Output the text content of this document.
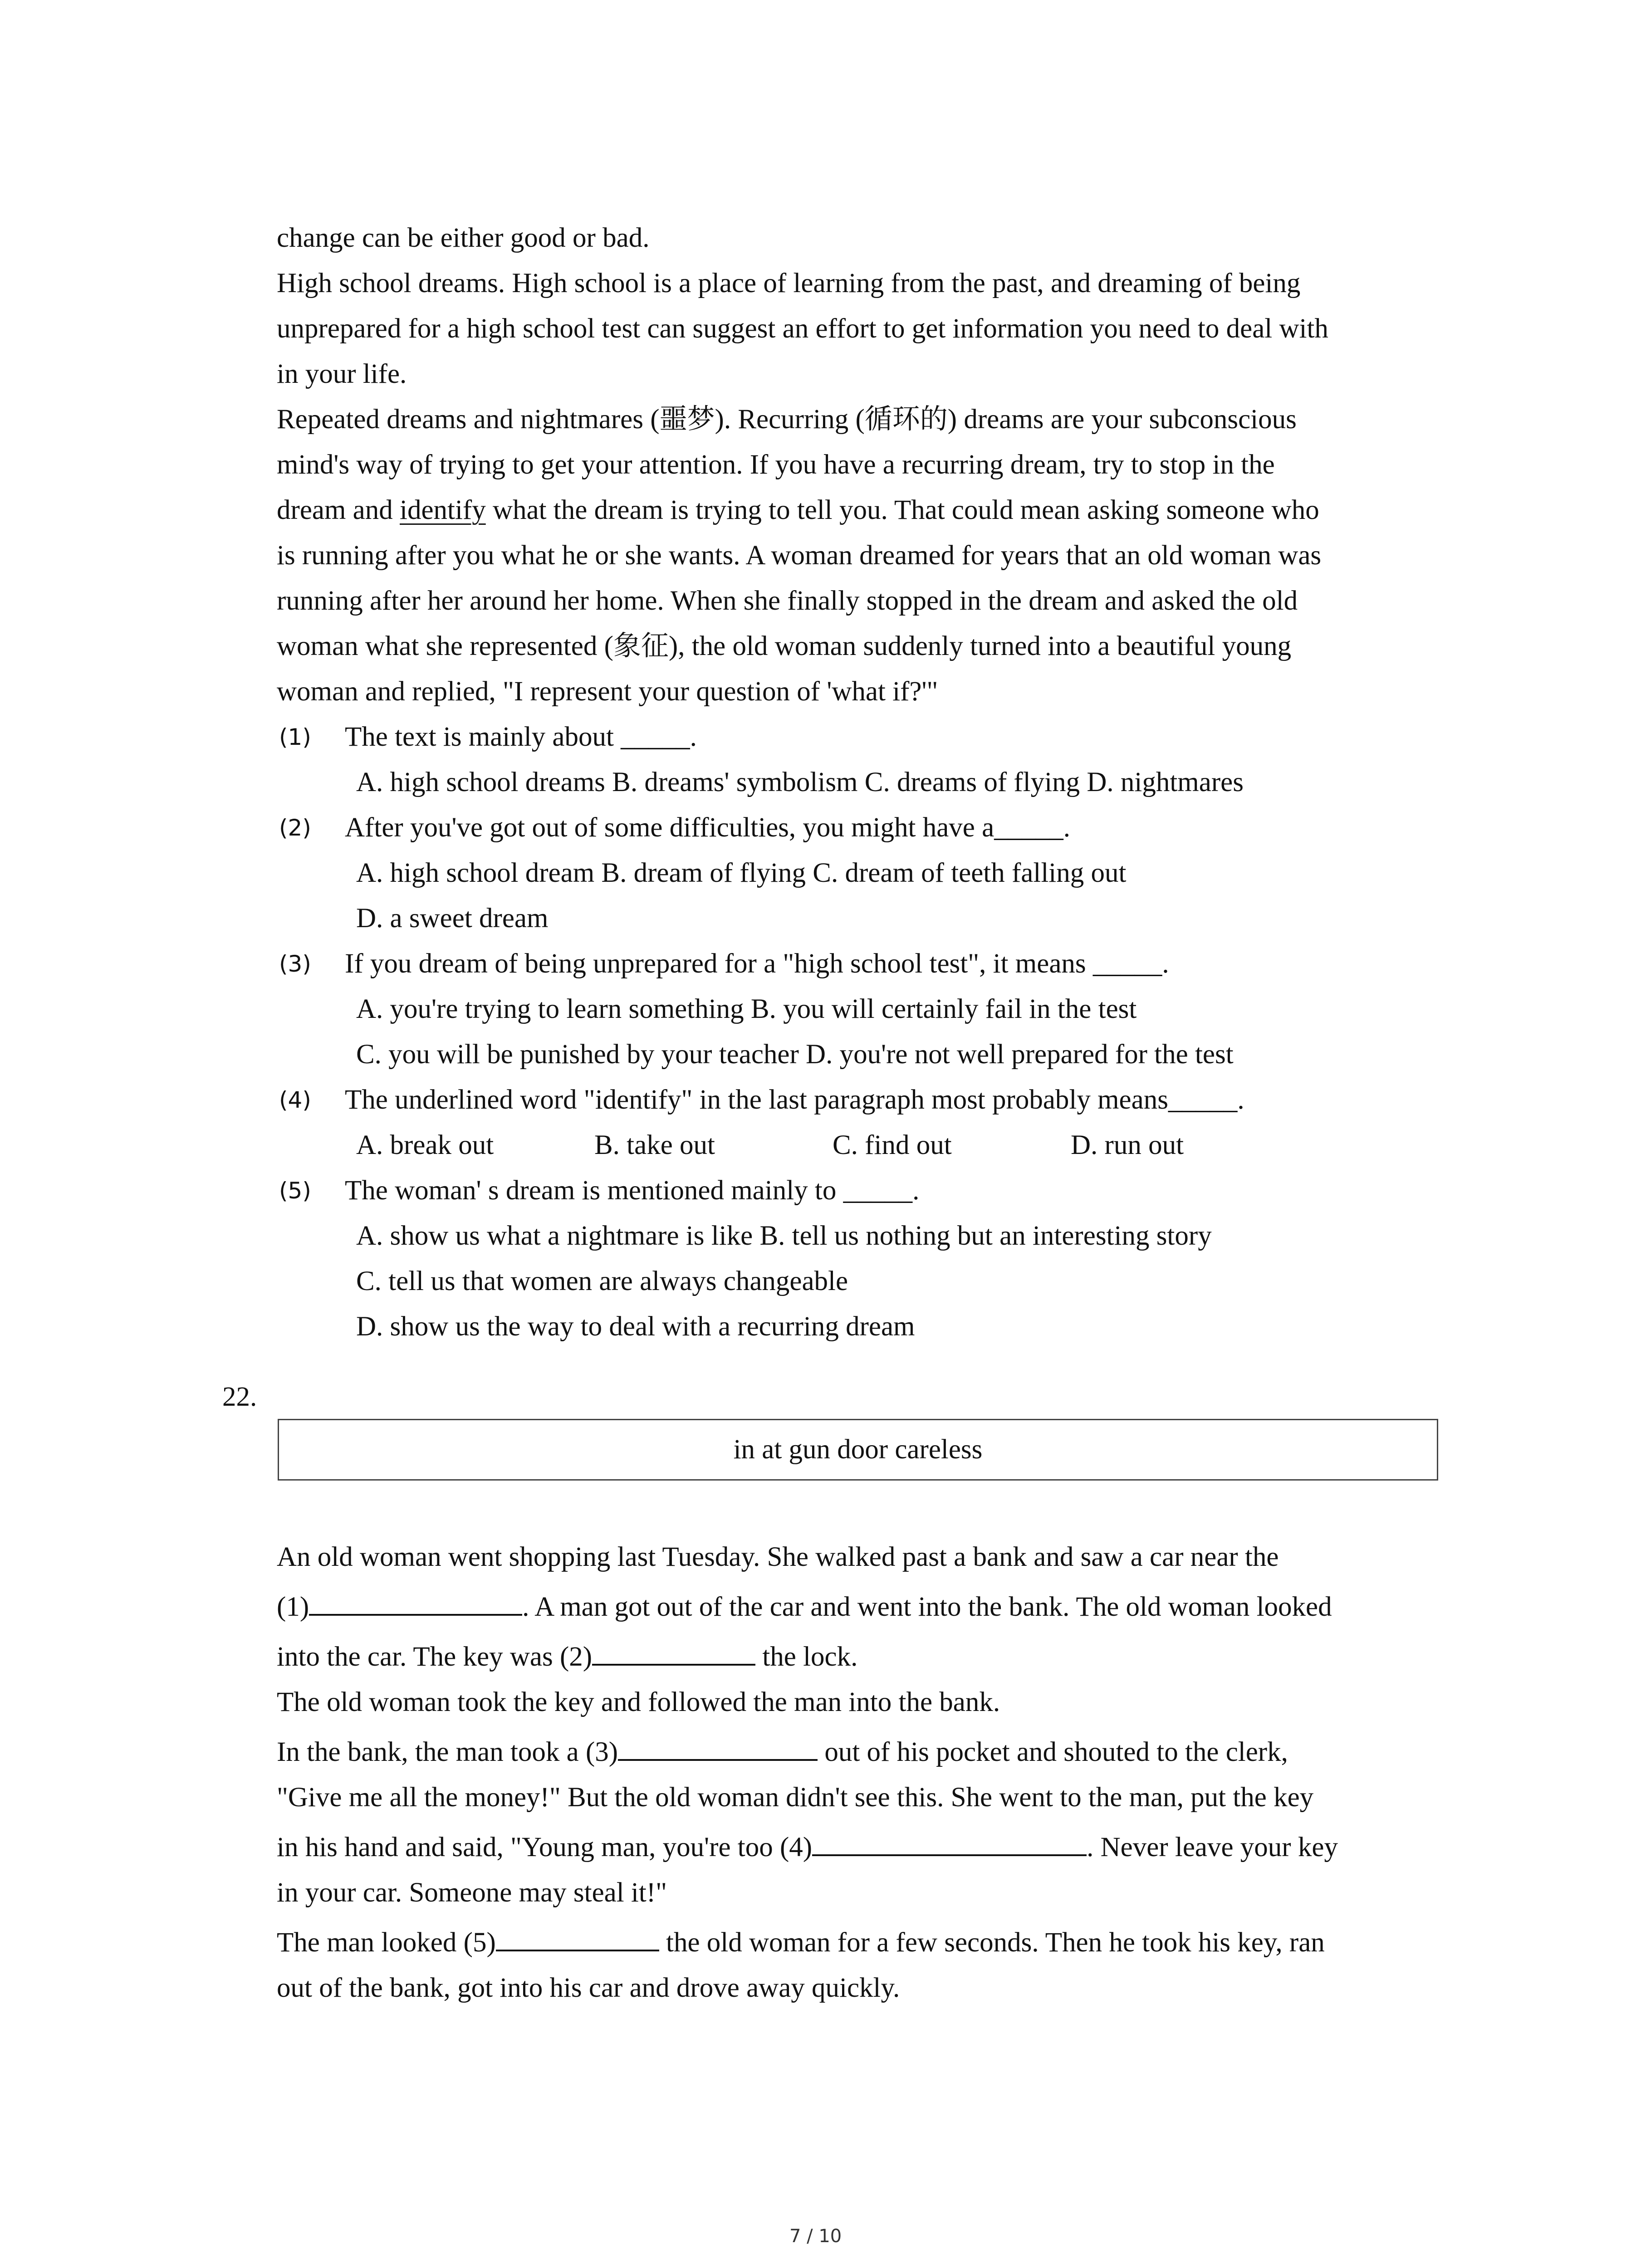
change can be either good or bad.
High school dreams. High school is a place of learning from the past, and dreaming of being
unprepared for a high school test can suggest an effort to get information you need to deal with
in your life.
Repeated dreams and nightmares (噩梦). Recurring (循环的) dreams are your subconscious
mind's way of trying to get your attention. If you have a recurring dream, try to stop in the
dream and identify what the dream is trying to tell you. That could mean asking someone who
is running after you what he or she wants. A woman dreamed for years that an old woman was
running after her around her home. When she finally stopped in the dream and asked the old
woman what she represented (象征), the old woman suddenly turned into a beautiful young
woman and replied, "I represent your question of 'what if?'"
(1) The text is mainly about _____.
A. high school dreams B. dreams' symbolism C. dreams of flying D. nightmares
(2) After you've got out of some difficulties, you might have a_____.
A. high school dream B. dream of flying C. dream of teeth falling out
D. a sweet dream
(3) If you dream of being unprepared for a "high school test", it means _____.
A. you're trying to learn something B. you will certainly fail in the test
C. you will be punished by your teacher D. you're not well prepared for the test
(4) The underlined word "identify" in the last paragraph most probably means_____.
A. break out	B. take out	C. find out	D. run out
(5) The woman' s dream is mentioned mainly to _____.
A. show us what a nightmare is like B. tell us nothing but an interesting story
C. tell us that women are always changeable
D. show us the way to deal with a recurring dream
22.
in at gun door careless
An old woman went shopping last Tuesday. She walked past a bank and saw a car near the
(1)	. A man got out of the car and went into the bank. The old woman looked
into the car. The key was (2)	the lock.
The old woman took the key and followed the man into the bank.
In the bank, the man took a (3)	out of his pocket and shouted to the clerk,
"Give me all the money!" But the old woman didn't see this. She went to the man, put the key
in his hand and said, "Young man, you're too (4)	. Never leave your key
in your car. Someone may steal it!"
The man looked (5)	the old woman for a few seconds. Then he took his key, ran
out of the bank, got into his car and drove away quickly.
7 / 10
